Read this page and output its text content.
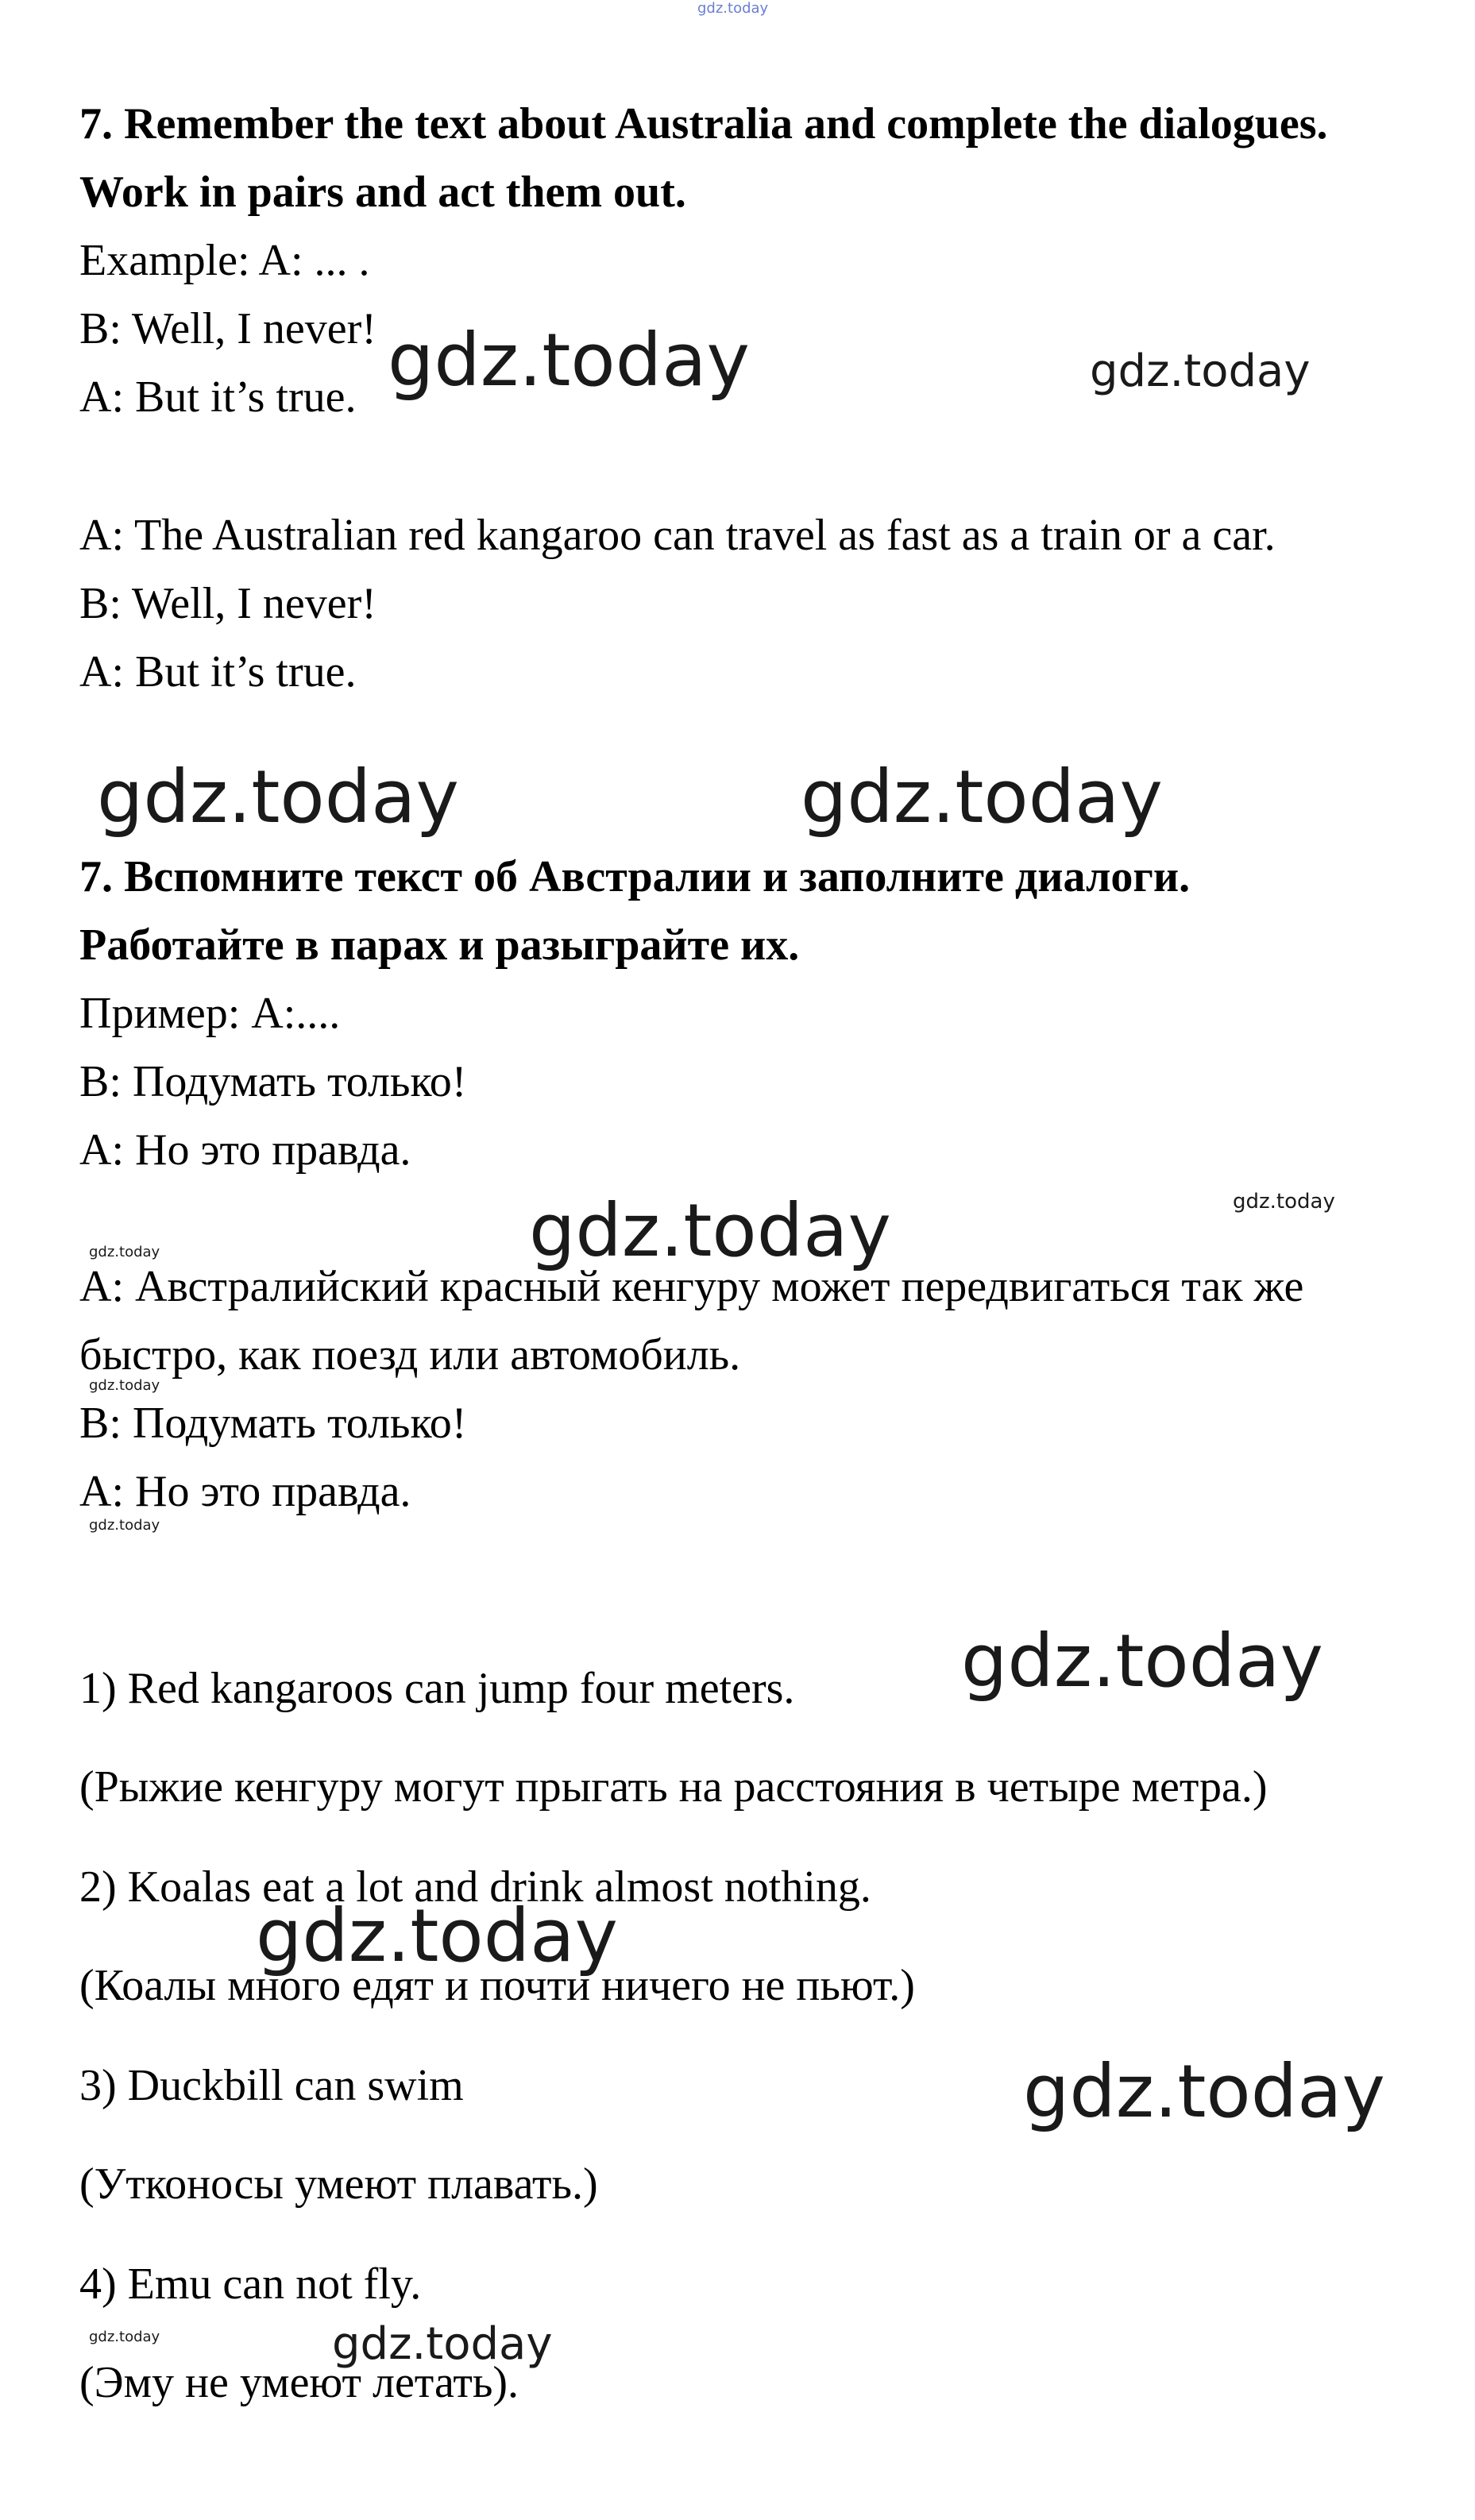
gdz.today
7. Remember the text about Australia and complete the dialogues.
Work in pairs and act them out.
Example: A: ... .
B: Well, I never!
A: But it’s true. gdz.today	gdz.today
A: The Australian red kangaroo can travel as fast as a train or a car.
B: Well, I never!
A: But it’s true.
gdz.today	gdz.today
7. Вспомните текст об Австралии и заполните диалоги.
Работайте в парах и разыграйте их.
Пример: А:....
В: Подумать только!
А: Но это правда.
gdz.today
gdz.today
gdz.today
А: Австралийский красный кенгуру может передвигаться так же
быстро, как поезд или автомобиль.
gdz.today
В: Подумать только!
А: Но это правда.
gdz.today
1) Red kangaroos can jump four meters. gdz.today
(Рыжие кенгуру могут прыгать на расстояния в четыре метра.)
2) Koalas eat a lot and drink almost nothing.
gdz.today
(Коалы много едят и почти ничего не пьют.)
3) Duckbill can swim	gdz.today
(Утконосы умеют плавать.)
4) Emu can not fly.
gdz.today	gdz.today
(Эму не умеют летать).
